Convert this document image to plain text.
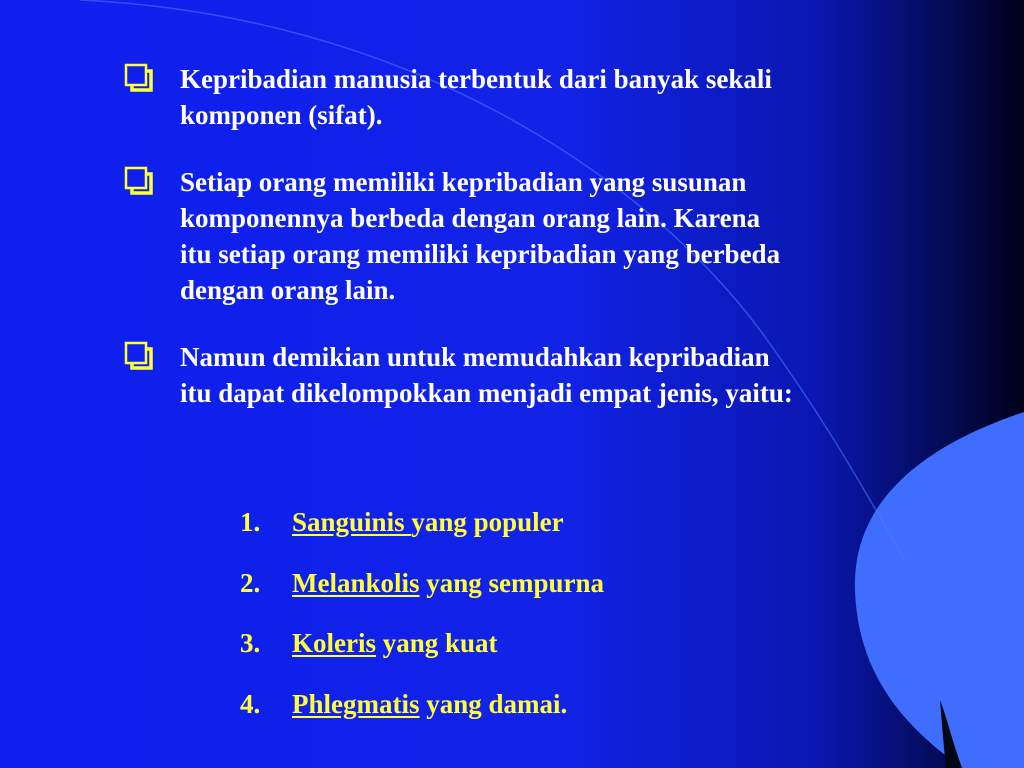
Kepribadian manusia terbentuk dari banyak sekali
komponen (sifat).
Setiap orang memiliki kepribadian yang susunan
komponennya berbeda dengan orang lain. Karena
itu setiap orang memiliki kepribadian yang berbeda
dengan orang lain.
Namun demikian untuk memudahkan kepribadian
itu dapat dikelompokkan menjadi empat jenis, yaitu:
1.	Sanguinis yang populer
2.	Melankolis yang sempurna
3.	Koleris yang kuat
4.	Phlegmatis yang damai.
